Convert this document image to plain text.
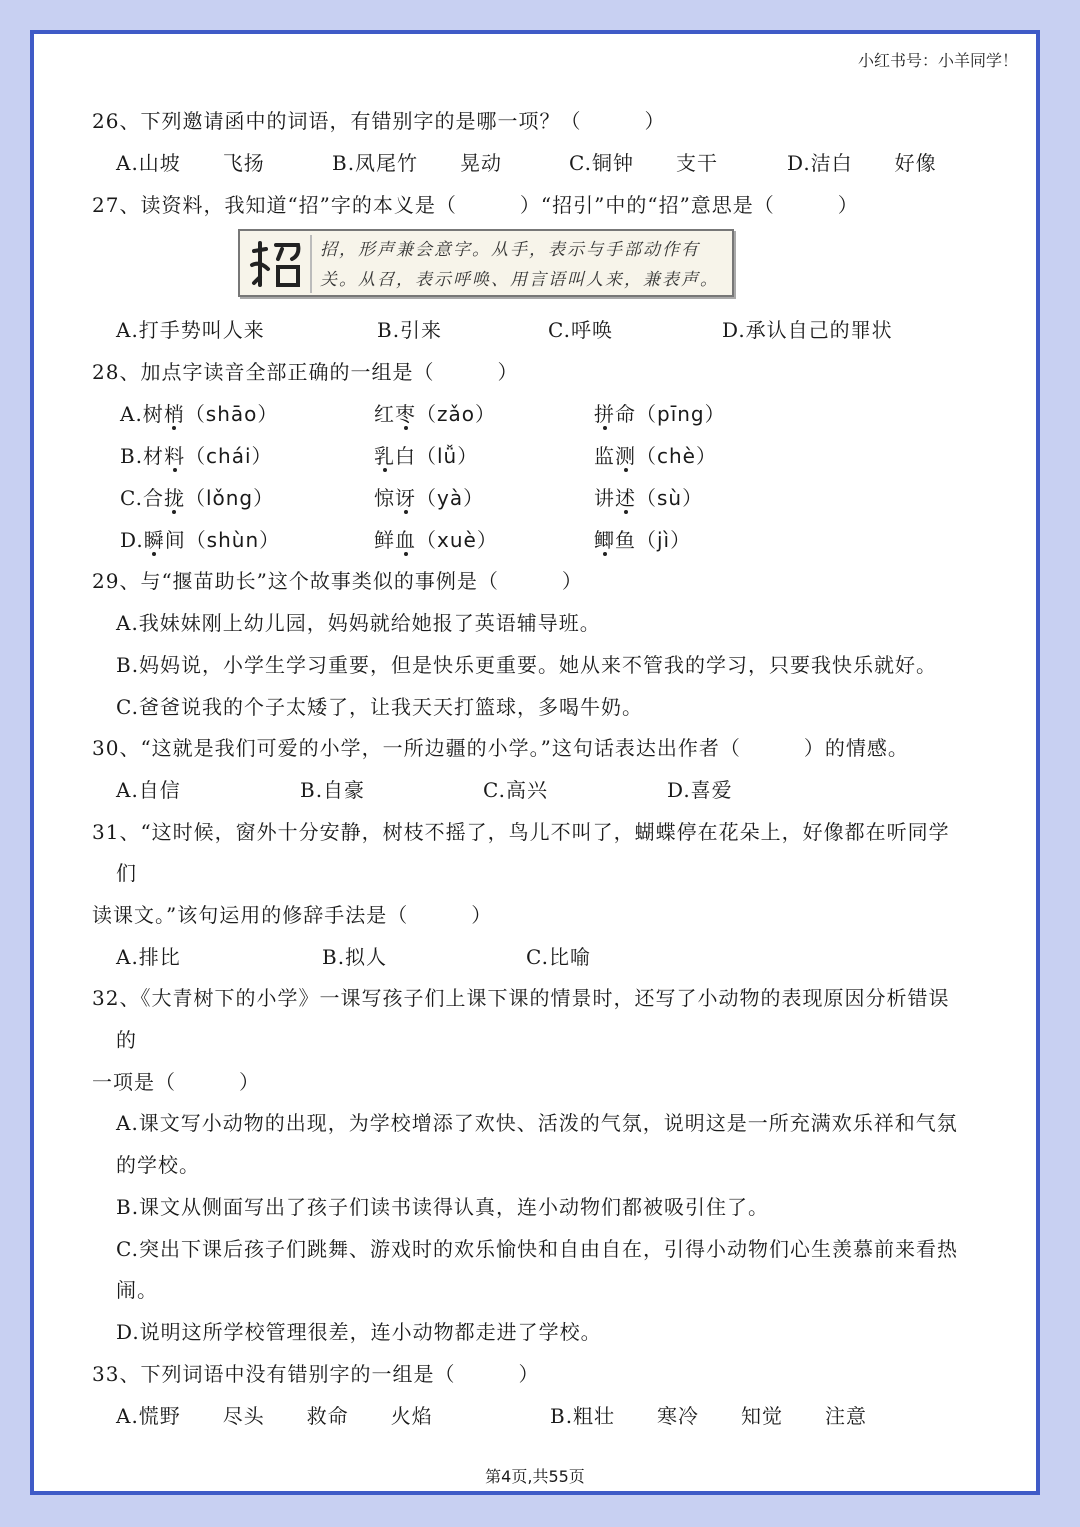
小红书号：小羊同学！
26、下列邀请函中的词语，有错别字的是哪一项？（　　　）
A.山坡　　飞扬	B.凤尾竹　　晃动	C.铜钟　　支干	D.洁白　　好像
27、读资料，我知道“招”字的本义是（　　　）“招引”中的“招”意思是（　　　）
招，形声兼会意字。从手，表示与手部动作有
关。从召，表示呼唤、用言语叫人来，兼表声。
A.打手势叫人来	B.引来	C.呼唤	D.承认自己的罪状
28、加点字读音全部正确的一组是（　　　）
A.树梢（shāo）	红枣（zǎo）	拼命（pīng）
B.材料（chái）	乳白（lǚ）	监测（chè）
C.合拢（lǒng）	惊讶（yà）	讲述（sù）
D.瞬间（shùn）	鲜血（xuè）	鲫鱼（jì）
29、与“揠苗助长”这个故事类似的事例是（　　　）
A.我妹妹刚上幼儿园，妈妈就给她报了英语辅导班。
B.妈妈说，小学生学习重要，但是快乐更重要。她从来不管我的学习，只要我快乐就好。
C.爸爸说我的个子太矮了，让我天天打篮球，多喝牛奶。
30、“这就是我们可爱的小学，一所边疆的小学。”这句话表达出作者（　　　）的情感。
A.自信	B.自豪	C.高兴	D.喜爱
31、“这时候，窗外十分安静，树枝不摇了，鸟儿不叫了，蝴蝶停在花朵上，好像都在听同学
们
读课文。”该句运用的修辞手法是（　　　）
A.排比	B.拟人	C.比喻
32、《大青树下的小学》一课写孩子们上课下课的情景时，还写了小动物的表现原因分析错误
的
一项是（　　　）
A.课文写小动物的出现，为学校增添了欢快、活泼的气氛，说明这是一所充满欢乐祥和气氛
的学校。
B.课文从侧面写出了孩子们读书读得认真，连小动物们都被吸引住了。
C.突出下课后孩子们跳舞、游戏时的欢乐愉快和自由自在，引得小动物们心生羡慕前来看热
闹。
D.说明这所学校管理很差，连小动物都走进了学校。
33、下列词语中没有错别字的一组是（　　　）
A.慌野　　尽头　　救命　　火焰	B.粗壮　　寒冷　　知觉　　注意
第4页,共55页
